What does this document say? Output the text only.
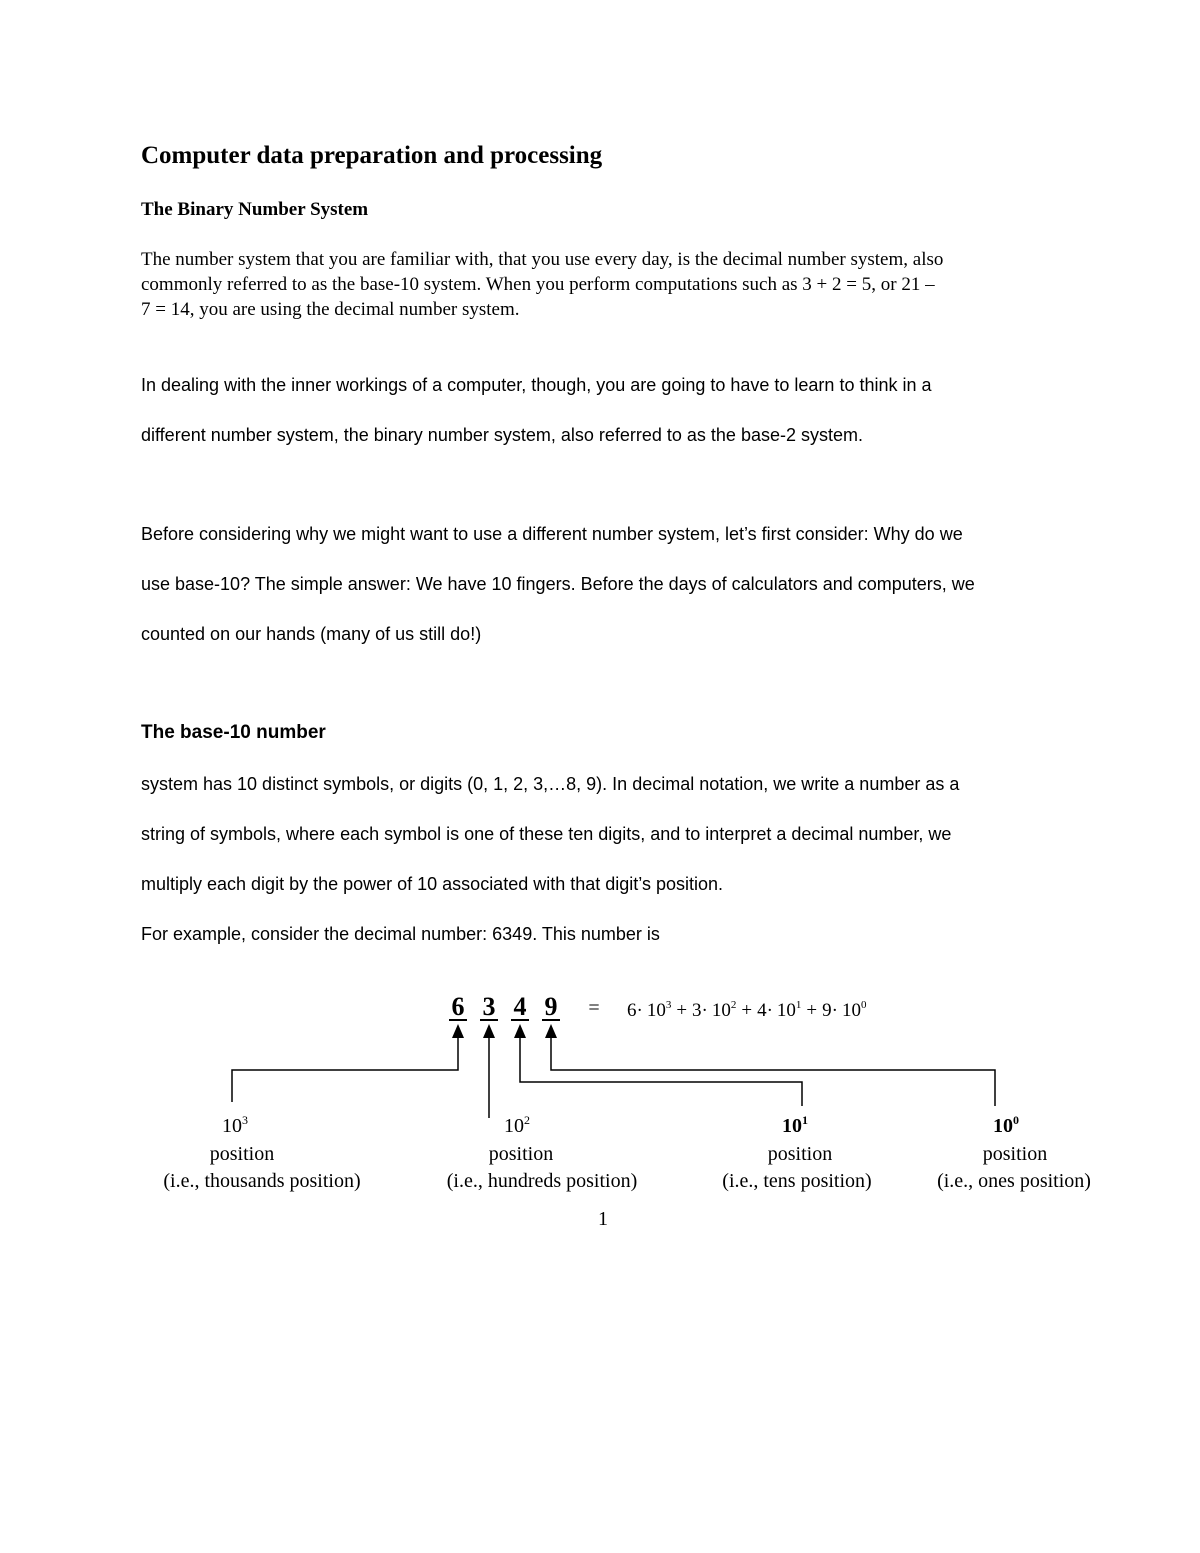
Computer data preparation and processing
The Binary Number System
The number system that you are familiar with, that you use every day, is the decimal number system, also
commonly referred to as the base-10 system. When you perform computations such as 3 + 2 = 5, or 21 –
7 = 14, you are using the decimal number system.
In dealing with the inner workings of a computer, though, you are going to have to learn to think in a
different number system, the binary number system, also referred to as the base-2 system.
Before considering why we might want to use a different number system, let’s first consider: Why do we
use base-10? The simple answer: We have 10 fingers. Before the days of calculators and computers, we
counted on our hands (many of us still do!)
The base-10 number
system has 10 distinct symbols, or digits (0, 1, 2, 3,…8, 9). In decimal notation, we write a number as a
string of symbols, where each symbol is one of these ten digits, and to interpret a decimal number, we
multiply each digit by the power of 10 associated with that digit’s position.
For example, consider the decimal number: 6349. This number is
6 3 4 $9 = 6\cdot 10^3 + 3\cdot 10^2 + 4\cdot 10^1 + 9\cdot 10^0$
$10^3$
position
(i.e., thousands position)
$10^2$
position
(i.e., hundreds position)
$10^1$
position
(i.e., tens position)
$10^0$
position
(i.e., ones position)
1
